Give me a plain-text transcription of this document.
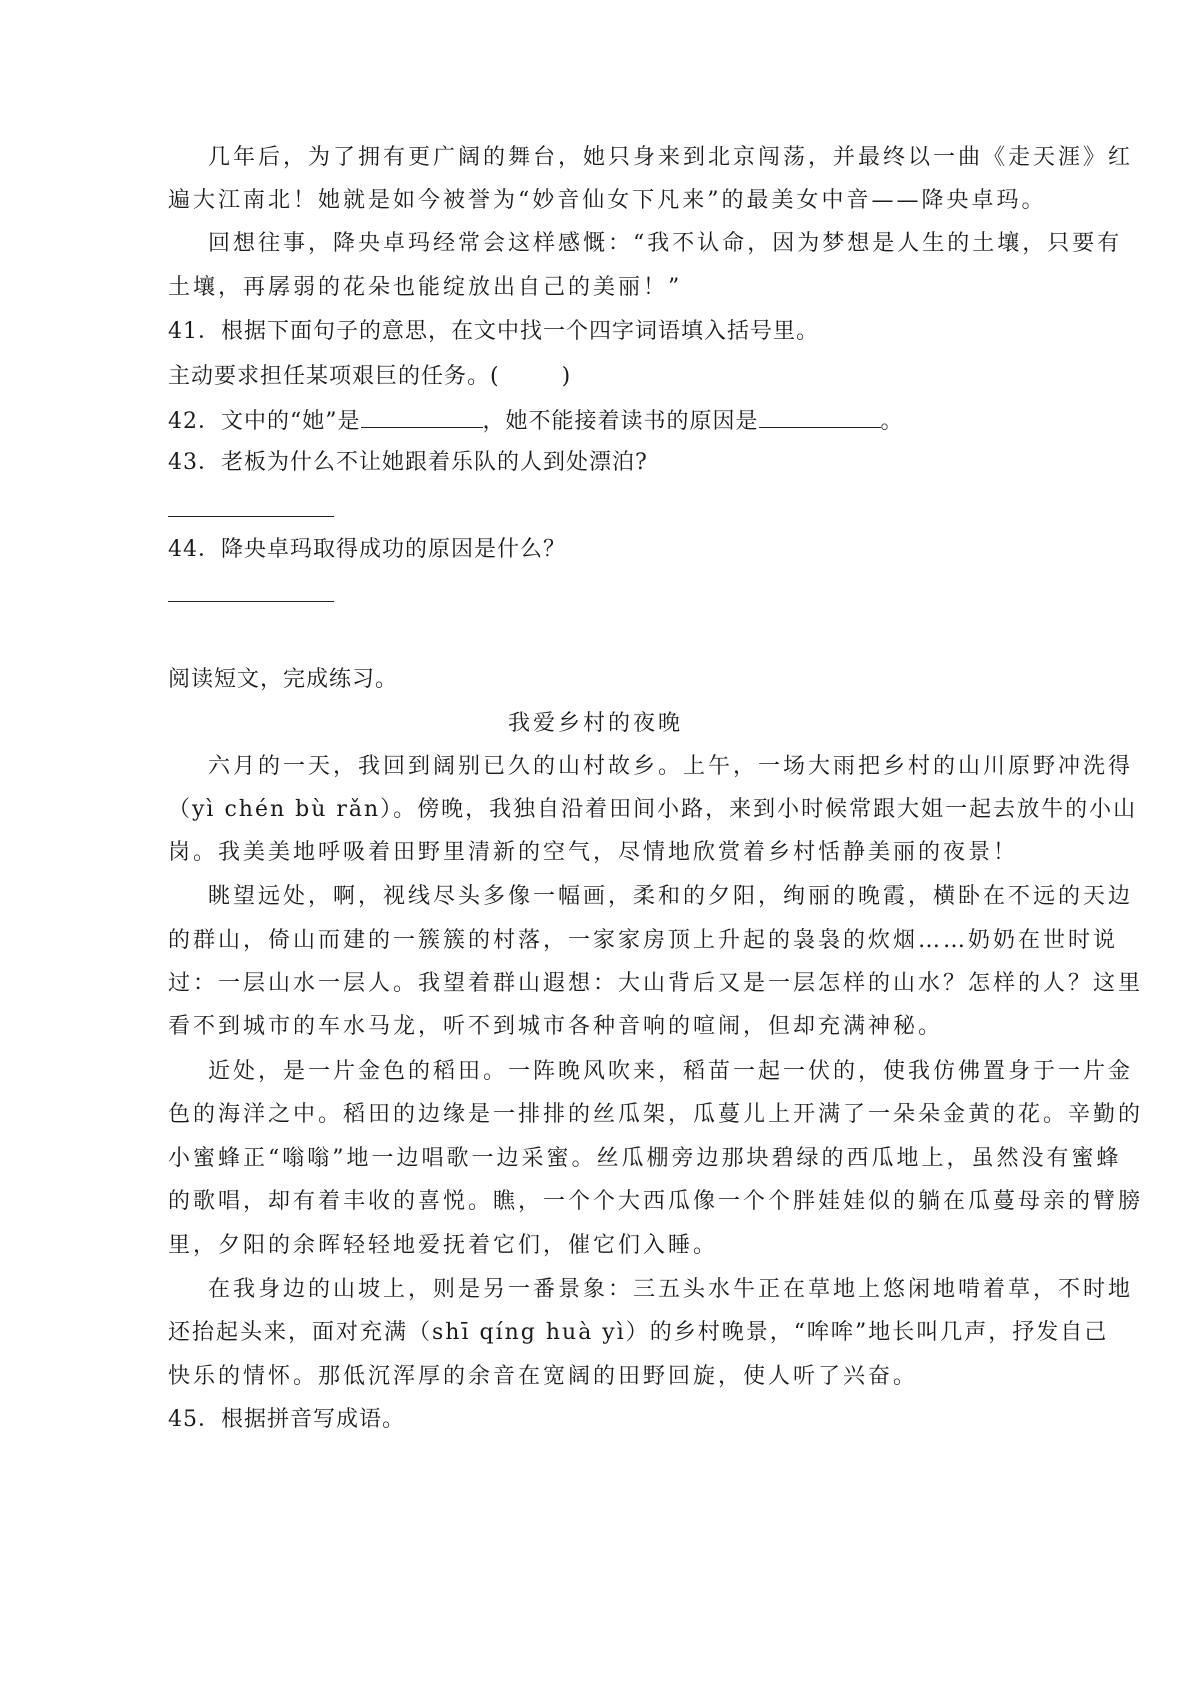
几年后，为了拥有更广阔的舞台，她只身来到北京闯荡，并最终以一曲《走天涯》红
遍大江南北！她就是如今被誉为“妙音仙女下凡来”的最美女中音——降央卓玛。
回想往事，降央卓玛经常会这样感慨：“我不认命，因为梦想是人生的土壤，只要有
土壤，再孱弱的花朵也能绽放出自己的美丽！”
41．根据下面句子的意思，在文中找一个四字词语填入括号里。
主动要求担任某项艰巨的任务。(	)
42．文中的“她”是	，她不能接着读书的原因是	。
43．老板为什么不让她跟着乐队的人到处漂泊?
44．降央卓玛取得成功的原因是什么？
阅读短文，完成练习。
我爱乡村的夜晚
六月的一天，我回到阔别已久的山村故乡。上午，一场大雨把乡村的山川原野冲洗得
（yì chén bù rǎn）。傍晚，我独自沿着田间小路，来到小时候常跟大姐一起去放牛的小山
岗。我美美地呼吸着田野里清新的空气，尽情地欣赏着乡村恬静美丽的夜景！
眺望远处，啊，视线尽头多像一幅画，柔和的夕阳，绚丽的晚霞，横卧在不远的天边
的群山，倚山而建的一簇簇的村落，一家家房顶上升起的袅袅的炊烟……奶奶在世时说
过：一层山水一层人。我望着群山遐想：大山背后又是一层怎样的山水？怎样的人？这里
看不到城市的车水马龙，听不到城市各种音响的喧闹，但却充满神秘。
近处，是一片金色的稻田。一阵晚风吹来，稻苗一起一伏的，使我仿佛置身于一片金
色的海洋之中。稻田的边缘是一排排的丝瓜架，瓜蔓儿上开满了一朵朵金黄的花。辛勤的
小蜜蜂正“嗡嗡”地一边唱歌一边采蜜。丝瓜棚旁边那块碧绿的西瓜地上，虽然没有蜜蜂
的歌唱，却有着丰收的喜悦。瞧，一个个大西瓜像一个个胖娃娃似的躺在瓜蔓母亲的臂膀
里，夕阳的余晖轻轻地爱抚着它们，催它们入睡。
在我身边的山坡上，则是另一番景象：三五头水牛正在草地上悠闲地啃着草，不时地
还抬起头来，面对充满（shī qíng huà yì）的乡村晚景，“哞哞”地长叫几声，抒发自己
快乐的情怀。那低沉浑厚的余音在宽阔的田野回旋，使人听了兴奋。
45．根据拼音写成语。
